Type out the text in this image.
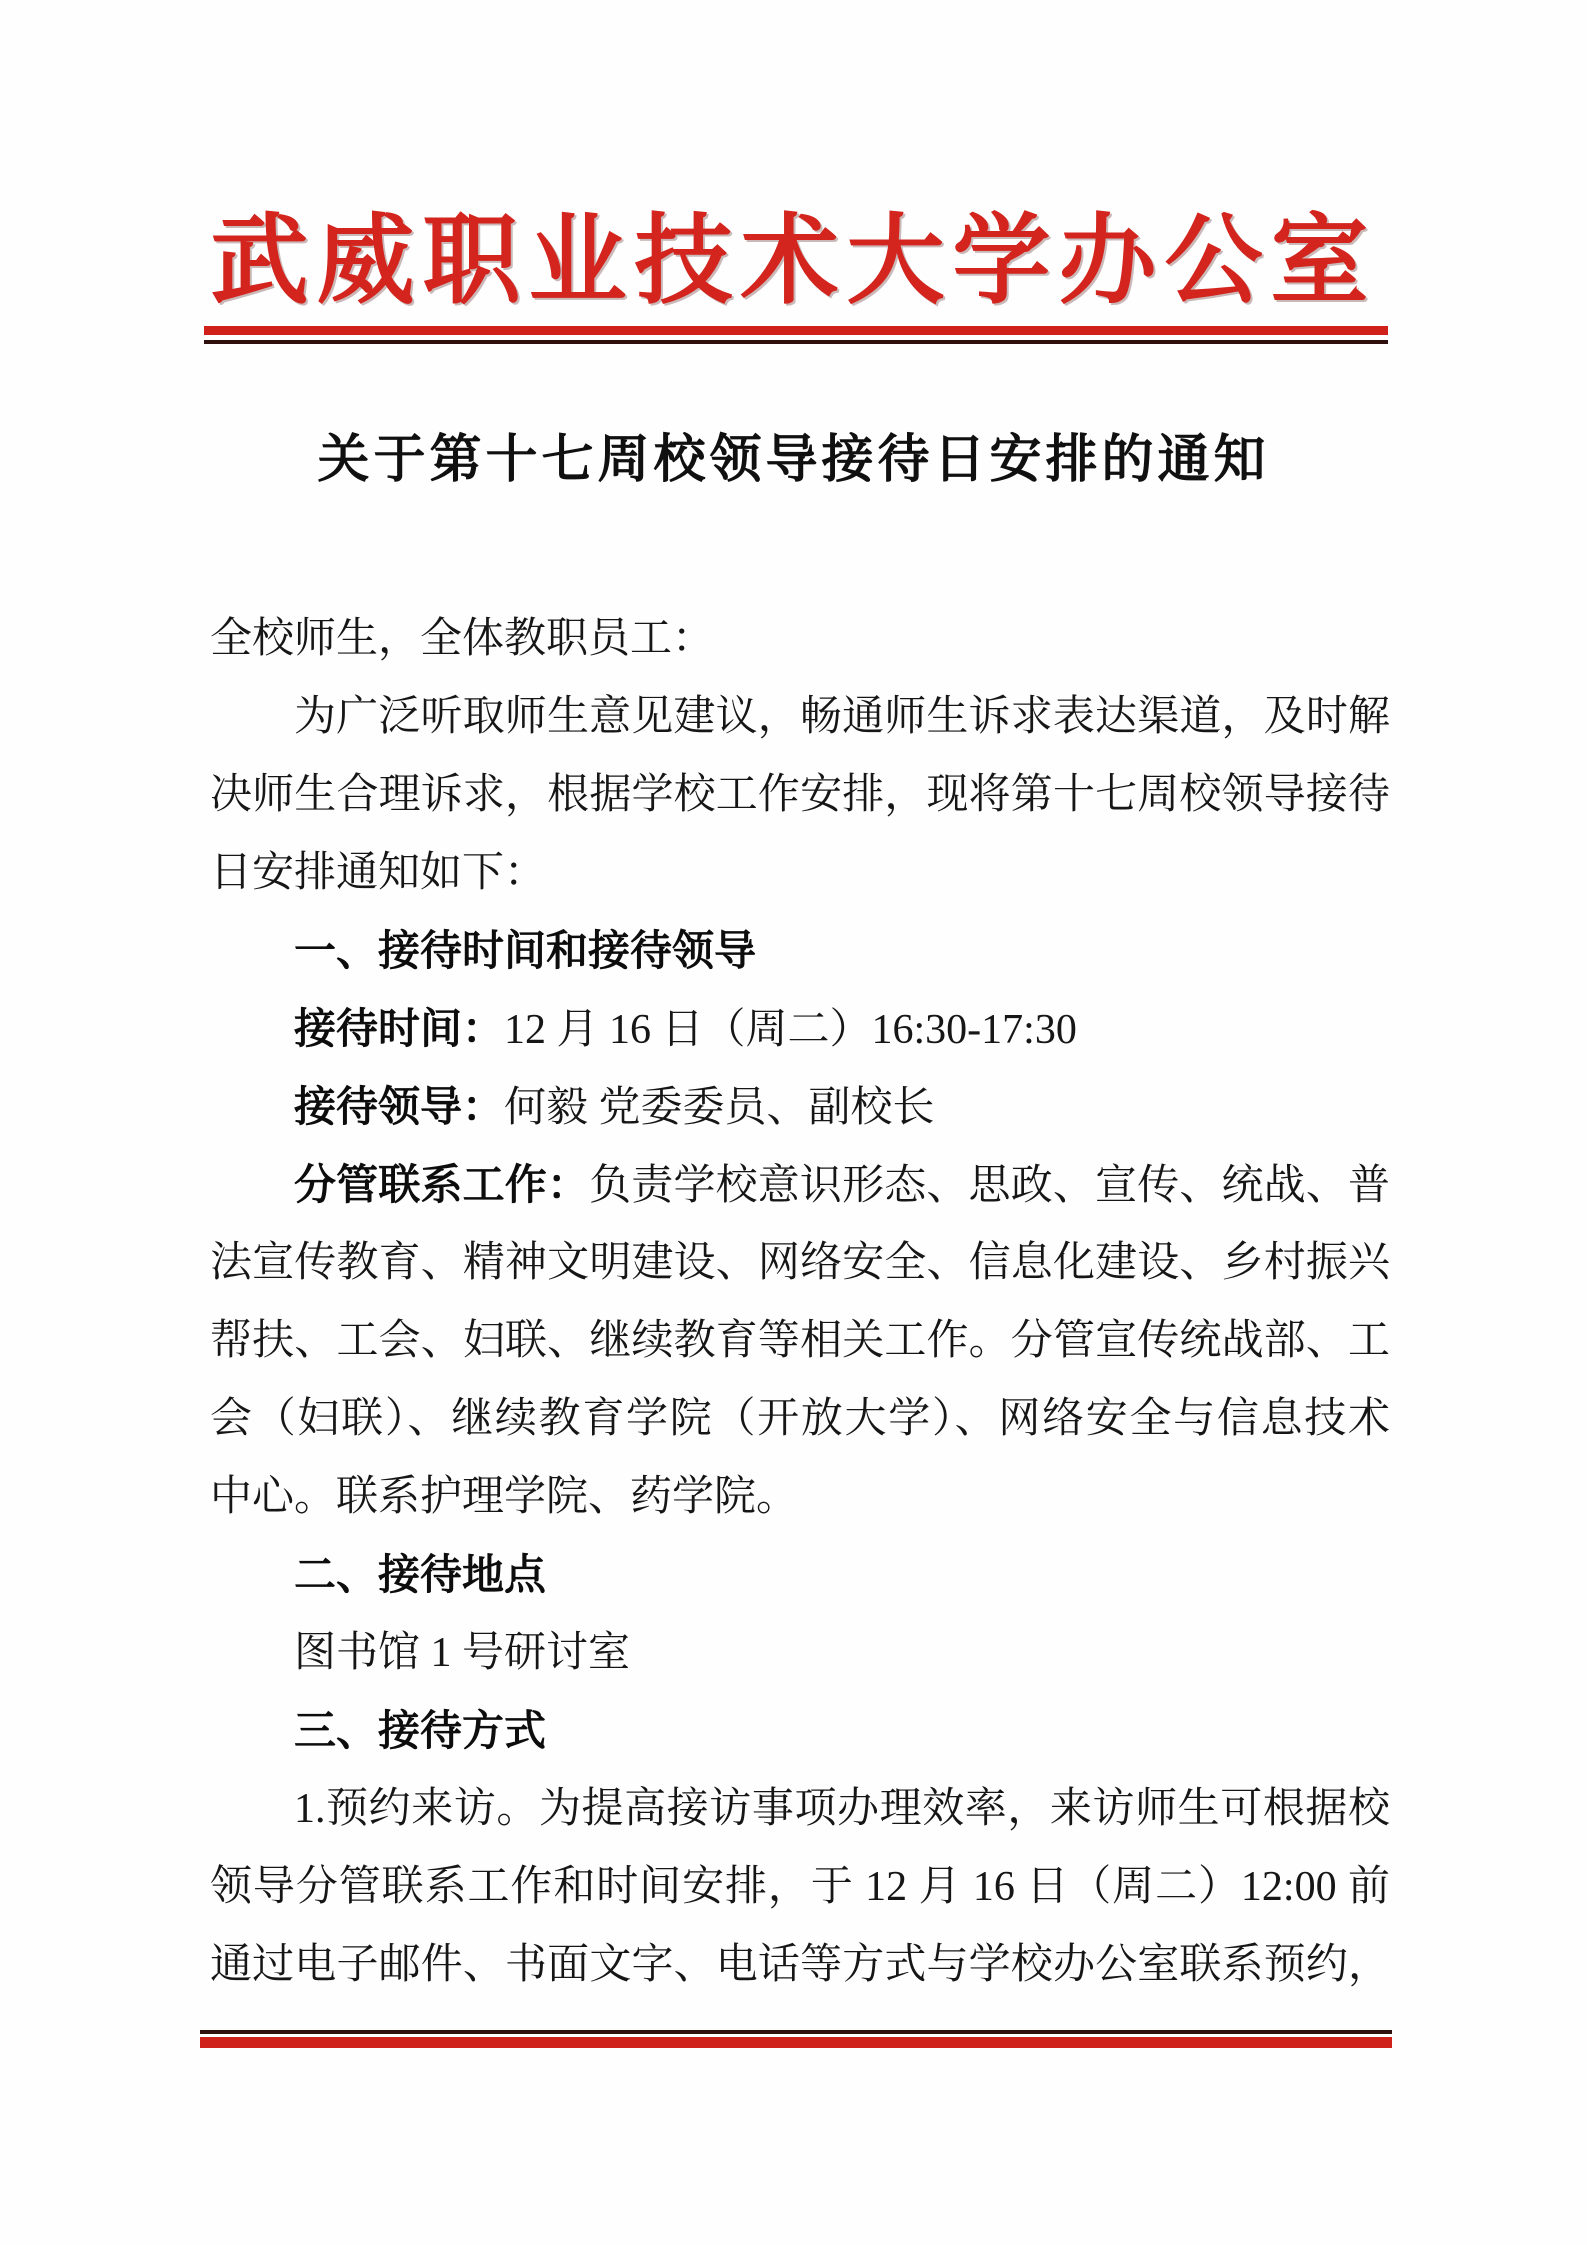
武威职业技术大学办公室
关于第十七周校领导接待日安排的通知
全校师生，全体教职员工：
为广泛听取师生意见建议，畅通师生诉求表达渠道，及时解
决师生合理诉求，根据学校工作安排，现将第十七周校领导接待
日安排通知如下：
一、接待时间和接待领导
接待时间：12 月 16 日（周二）16:30-17:30
接待领导：何毅 党委委员、副校长
分管联系工作：负责学校意识形态、思政、宣传、统战、普
法宣传教育、精神文明建设、网络安全、信息化建设、乡村振兴
帮扶、工会、妇联、继续教育等相关工作。分管宣传统战部、工
会（妇联）、继续教育学院（开放大学）、网络安全与信息技术
中心。联系护理学院、药学院。
二、接待地点
图书馆 1 号研讨室
三、接待方式
1.预约来访。为提高接访事项办理效率，来访师生可根据校
领导分管联系工作和时间安排，于 12 月 16 日（周二）12:00 前
通过电子邮件、书面文字、电话等方式与学校办公室联系预约，
